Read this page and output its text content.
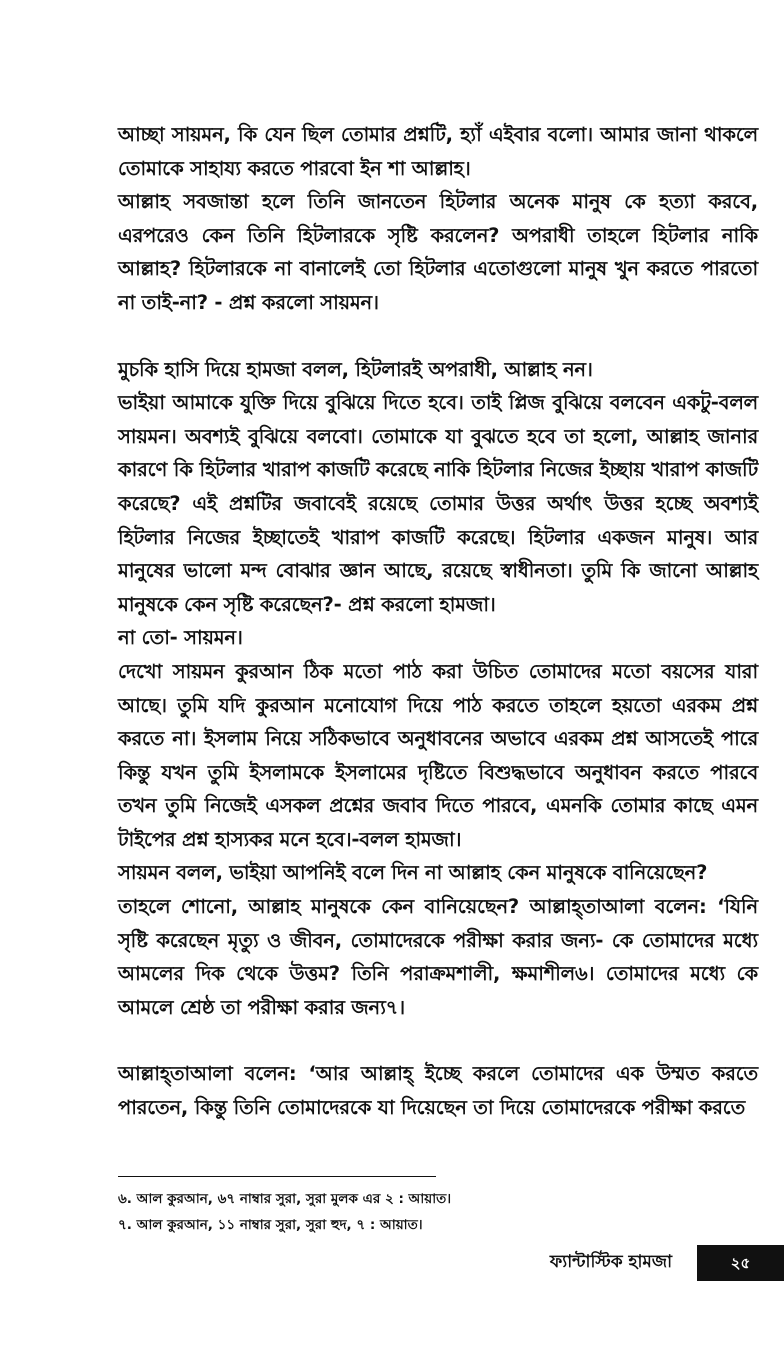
আচ্ছা সায়মন, কি যেন ছিল তোমার প্রশ্নটি, হ্যাঁ এইবার বলো। আমার জানা থাকলে তোমাকে সাহায্য করতে পারবো ইন শা আল্লাহ।

আল্লাহ সবজান্তা হলে তিনি জানতেন হিটলার অনেক মানুষ কে হত্যা করবে, এরপরেও কেন তিনি হিটলারকে সৃষ্টি করলেন? অপরাধী তাহলে হিটলার নাকি আল্লাহ? হিটলারকে না বানালেই তো হিটলার এতোগুলো মানুষ খুন করতে পারতো না তাই-না? - প্রশ্ন করলো সায়মন।

মুচকি হাসি দিয়ে হামজা বলল, হিটলারই অপরাধী, আল্লাহ নন।

ভাইয়া আমাকে যুক্তি দিয়ে বুঝিয়ে দিতে হবে। তাই প্লিজ বুঝিয়ে বলবেন একটু-বলল সায়মন। অবশ্যই বুঝিয়ে বলবো। তোমাকে যা বুঝতে হবে তা হলো, আল্লাহ জানার কারণে কি হিটলার খারাপ কাজটি করেছে নাকি হিটলার নিজের ইচ্ছায় খারাপ কাজটি করেছে? এই প্রশ্নটির জবাবেই রয়েছে তোমার উত্তর অর্থাৎ উত্তর হচ্ছে অবশ্যই হিটলার নিজের ইচ্ছাতেই খারাপ কাজটি করেছে। হিটলার একজন মানুষ। আর মানুষের ভালো মন্দ বোঝার জ্ঞান আছে, রয়েছে স্বাধীনতা। তুমি কি জানো আল্লাহ মানুষকে কেন সৃষ্টি করেছেন?- প্রশ্ন করলো হামজা।

না তো- সায়মন।

দেখো সায়মন কুরআন ঠিক মতো পাঠ করা উচিত তোমাদের মতো বয়সের যারা আছে। তুমি যদি কুরআন মনোযোগ দিয়ে পাঠ করতে তাহলে হয়তো এরকম প্রশ্ন করতে না। ইসলাম নিয়ে সঠিকভাবে অনুধাবনের অভাবে এরকম প্রশ্ন আসতেই পারে কিন্তু যখন তুমি ইসলামকে ইসলামের দৃষ্টিতে বিশুদ্ধভাবে অনুধাবন করতে পারবে তখন তুমি নিজেই এসকল প্রশ্নের জবাব দিতে পারবে, এমনকি তোমার কাছে এমন টাইপের প্রশ্ন হাস্যকর মনে হবে।-বলল হামজা।

সায়মন বলল, ভাইয়া আপনিই বলে দিন না আল্লাহ কেন মানুষকে বানিয়েছেন?

তাহলে শোনো, আল্লাহ মানুষকে কেন বানিয়েছেন? আল্লাহ্‌তাআলা বলেন: ‘যিনি সৃষ্টি করেছেন মৃত্যু ও জীবন, তোমাদেরকে পরীক্ষা করার জন্য- কে তোমাদের মধ্যে আমলের দিক থেকে উত্তম? তিনি পরাক্রমশালী, ক্ষমাশীল৬। তোমাদের মধ্যে কে আমলে শ্রেষ্ঠ তা পরীক্ষা করার জন্য৭।

আল্লাহ্‌তাআলা বলেন: ‘আর আল্লাহ্‌ ইচ্ছে করলে তোমাদের এক উম্মত করতে পারতেন, কিন্তু তিনি তোমাদেরকে যা দিয়েছেন তা দিয়ে তোমাদেরকে পরীক্ষা করতে

৬. আল কুরআন, ৬৭ নাম্বার সুরা, সুরা মুলক এর ২ : আয়াত।

৭. আল কুরআন, ১১ নাম্বার সুরা, সুরা হুদ, ৭ : আয়াত।

ফ্যান্টাস্টিক হামজা	২৫
